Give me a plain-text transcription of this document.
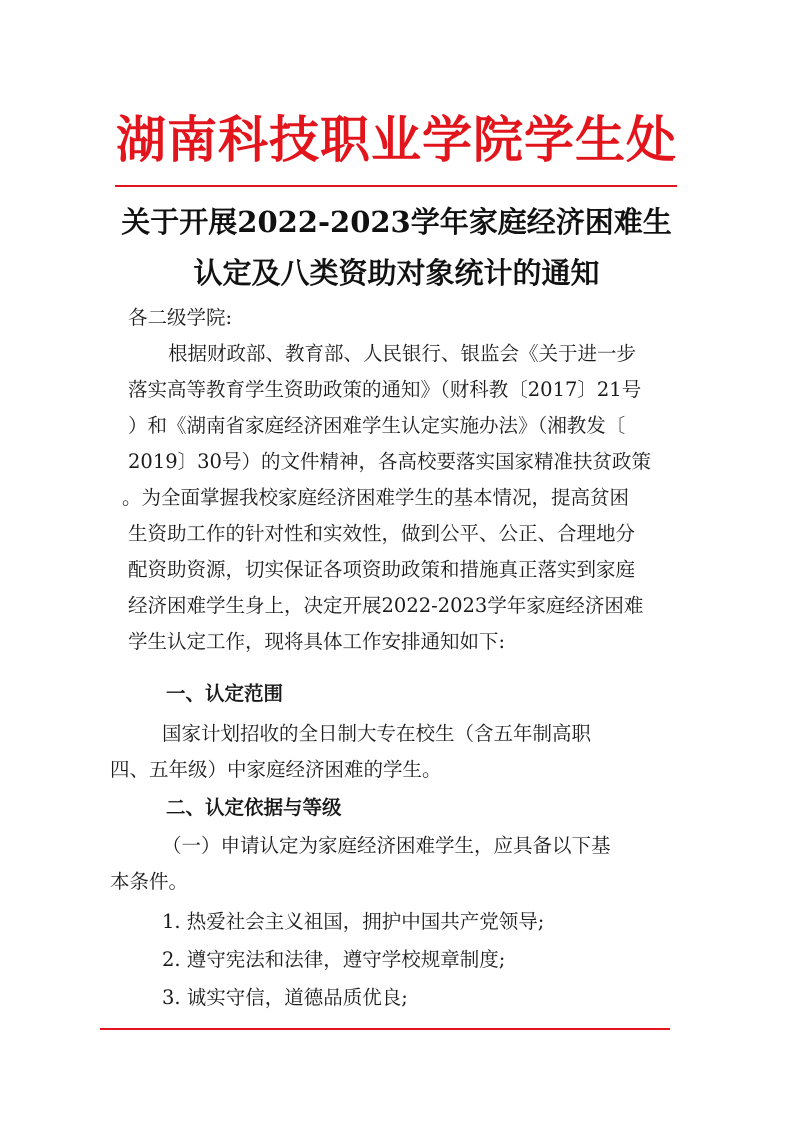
湖南科技职业学院学生处
关于开展2022-2023学年家庭经济困难生
认定及八类资助对象统计的通知
各二级学院:
根据财政部、教育部、人民银行、银监会《关于进一步
落实高等教育学生资助政策的通知》（财科教〔2017〕21号
）和《湖南省家庭经济困难学生认定实施办法》（湘教发〔
2019〕30号）的文件精神，各高校要落实国家精准扶贫政策
。为全面掌握我校家庭经济困难学生的基本情况，提高贫困
生资助工作的针对性和实效性，做到公平、公正、合理地分
配资助资源，切实保证各项资助政策和措施真正落实到家庭
经济困难学生身上，决定开展2022-2023学年家庭经济困难
学生认定工作，现将具体工作安排通知如下:
一、认定范围
国家计划招收的全日制大专在校生（含五年制高职
四、五年级）中家庭经济困难的学生。
二、认定依据与等级
（一）申请认定为家庭经济困难学生，应具备以下基
本条件。
1. 热爱社会主义祖国，拥护中国共产党领导;
2. 遵守宪法和法律，遵守学校规章制度;
3. 诚实守信，道德品质优良;
